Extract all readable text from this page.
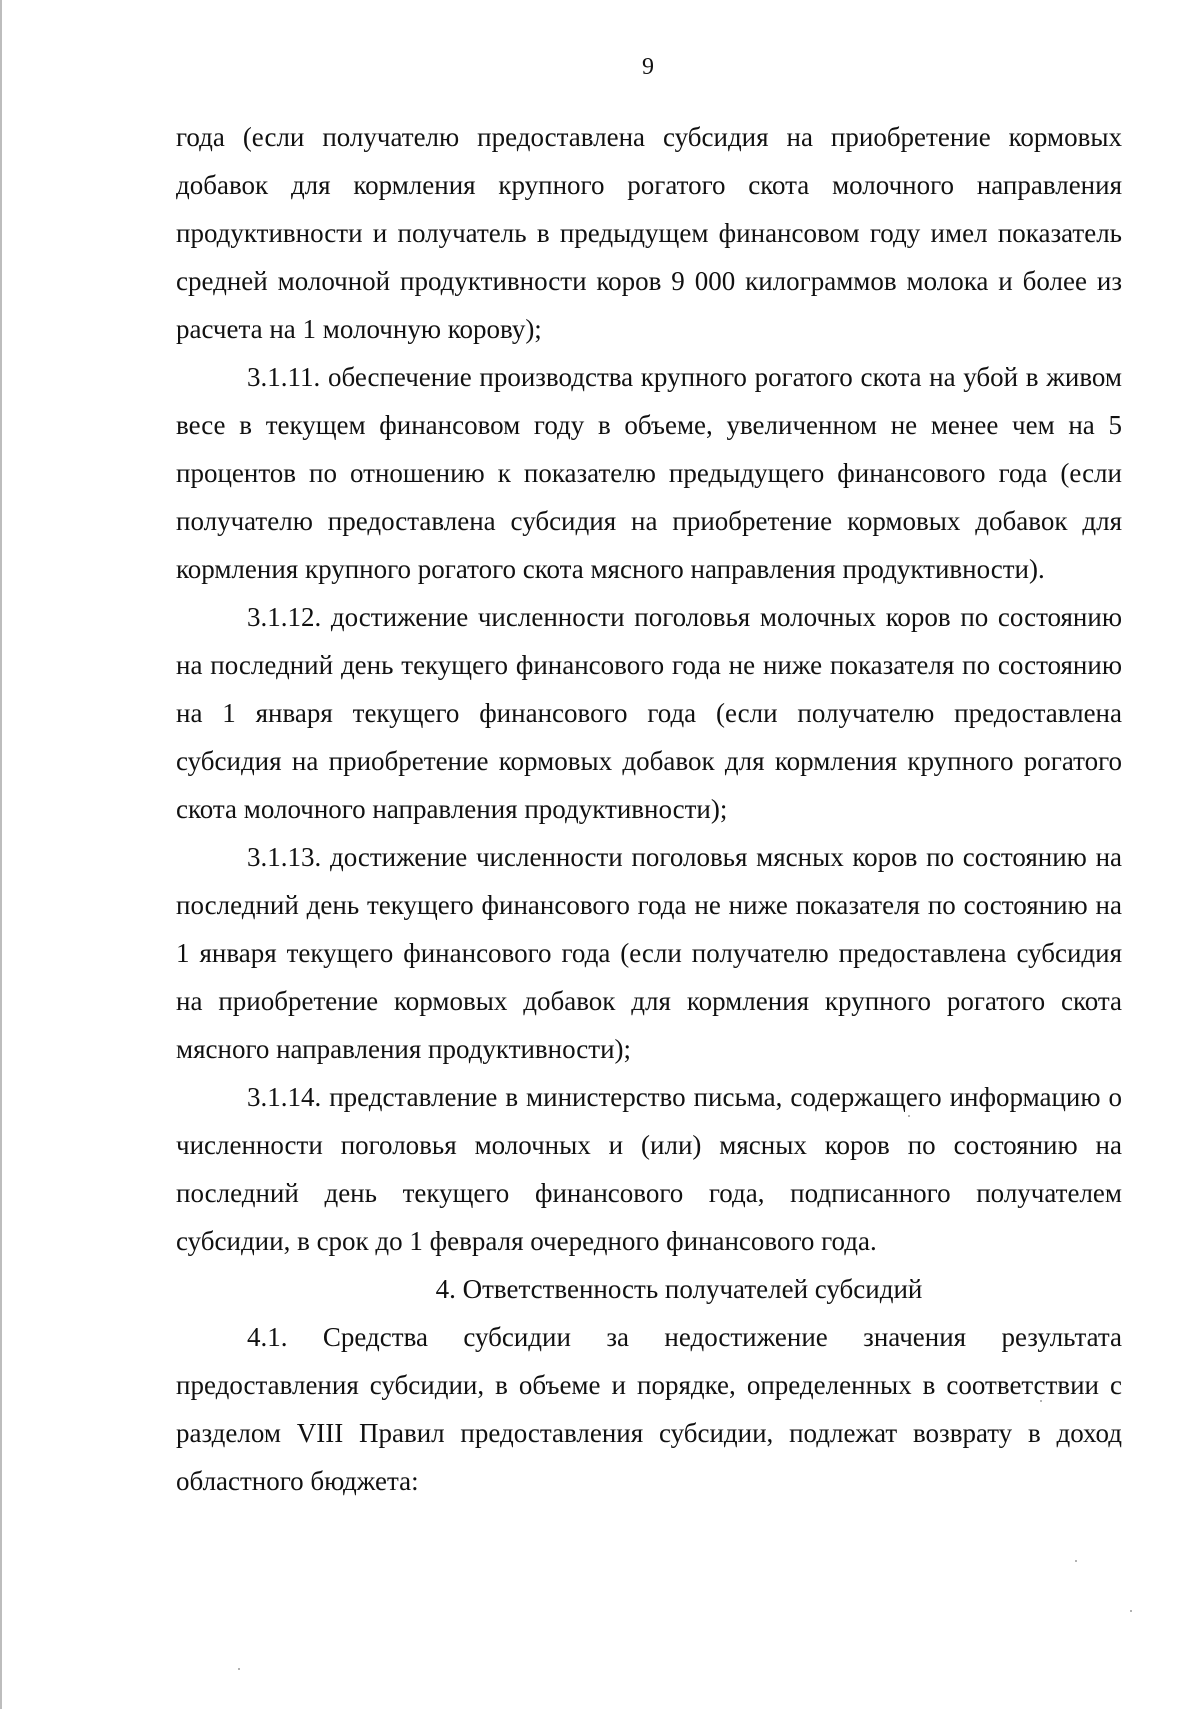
9

года (если получателю предоставлена субсидия на приобретение кормовых добавок для кормления крупного рогатого скота молочного направления продуктивности и получатель в предыдущем финансовом году имел показатель средней молочной продуктивности коров 9 000 килограммов молока и более из расчета на 1 молочную корову);

3.1.11. обеспечение производства крупного рогатого скота на убой в живом весе в текущем финансовом году в объеме, увеличенном не менее чем на 5 процентов по отношению к показателю предыдущего финансового года (если получателю предоставлена субсидия на приобретение кормовых добавок для кормления крупного рогатого скота мясного направления продуктивности).

3.1.12. достижение численности поголовья молочных коров по состоянию на последний день текущего финансового года не ниже показателя по состоянию на 1 января текущего финансового года (если получателю предоставлена субсидия на приобретение кормовых добавок для кормления крупного рогатого скота молочного направления продуктивности);

3.1.13. достижение численности поголовья мясных коров по состоянию на последний день текущего финансового года не ниже показателя по состоянию на 1 января текущего финансового года (если получателю предоставлена субсидия на приобретение кормовых добавок для кормления крупного рогатого скота мясного направления продуктивности);

3.1.14. представление в министерство письма, содержащего информацию о численности поголовья молочных и (или) мясных коров по состоянию на последний день текущего финансового года, подписанного получателем субсидии, в срок до 1 февраля очередного финансового года.

4. Ответственность получателей субсидий

4.1. Средства субсидии за недостижение значения результата предоставления субсидии, в объеме и порядке, определенных в соответствии с разделом VIII Правил предоставления субсидии, подлежат возврату в доход областного бюджета:
